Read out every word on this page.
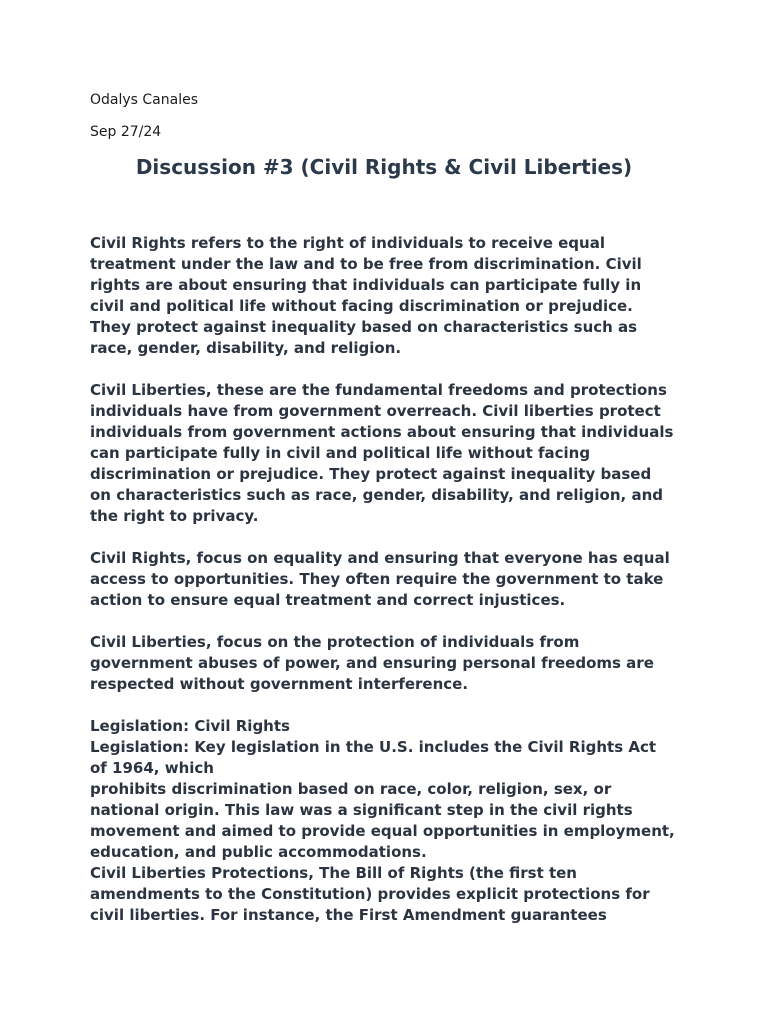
Odalys Canales
Sep 27/24
Discussion #3 (Civil Rights & Civil Liberties)
Civil Rights refers to the right of individuals to receive equal
treatment under the law and to be free from discrimination. Civil
rights are about ensuring that individuals can participate fully in
civil and political life without facing discrimination or prejudice.
They protect against inequality based on characteristics such as
race, gender, disability, and religion.
Civil Liberties, these are the fundamental freedoms and protections
individuals have from government overreach. Civil liberties protect
individuals from government actions about ensuring that individuals
can participate fully in civil and political life without facing
discrimination or prejudice. They protect against inequality based
on characteristics such as race, gender, disability, and religion, and
the right to privacy.
Civil Rights, focus on equality and ensuring that everyone has equal
access to opportunities. They often require the government to take
action to ensure equal treatment and correct injustices.
Civil Liberties, focus on the protection of individuals from
government abuses of power, and ensuring personal freedoms are
respected without government interference.
Legislation: Civil Rights
Legislation: Key legislation in the U.S. includes the Civil Rights Act
of 1964, which
prohibits discrimination based on race, color, religion, sex, or
national origin. This law was a significant step in the civil rights
movement and aimed to provide equal opportunities in employment,
education, and public accommodations.
Civil Liberties Protections, The Bill of Rights (the first ten
amendments to the Constitution) provides explicit protections for
civil liberties. For instance, the First Amendment guarantees
